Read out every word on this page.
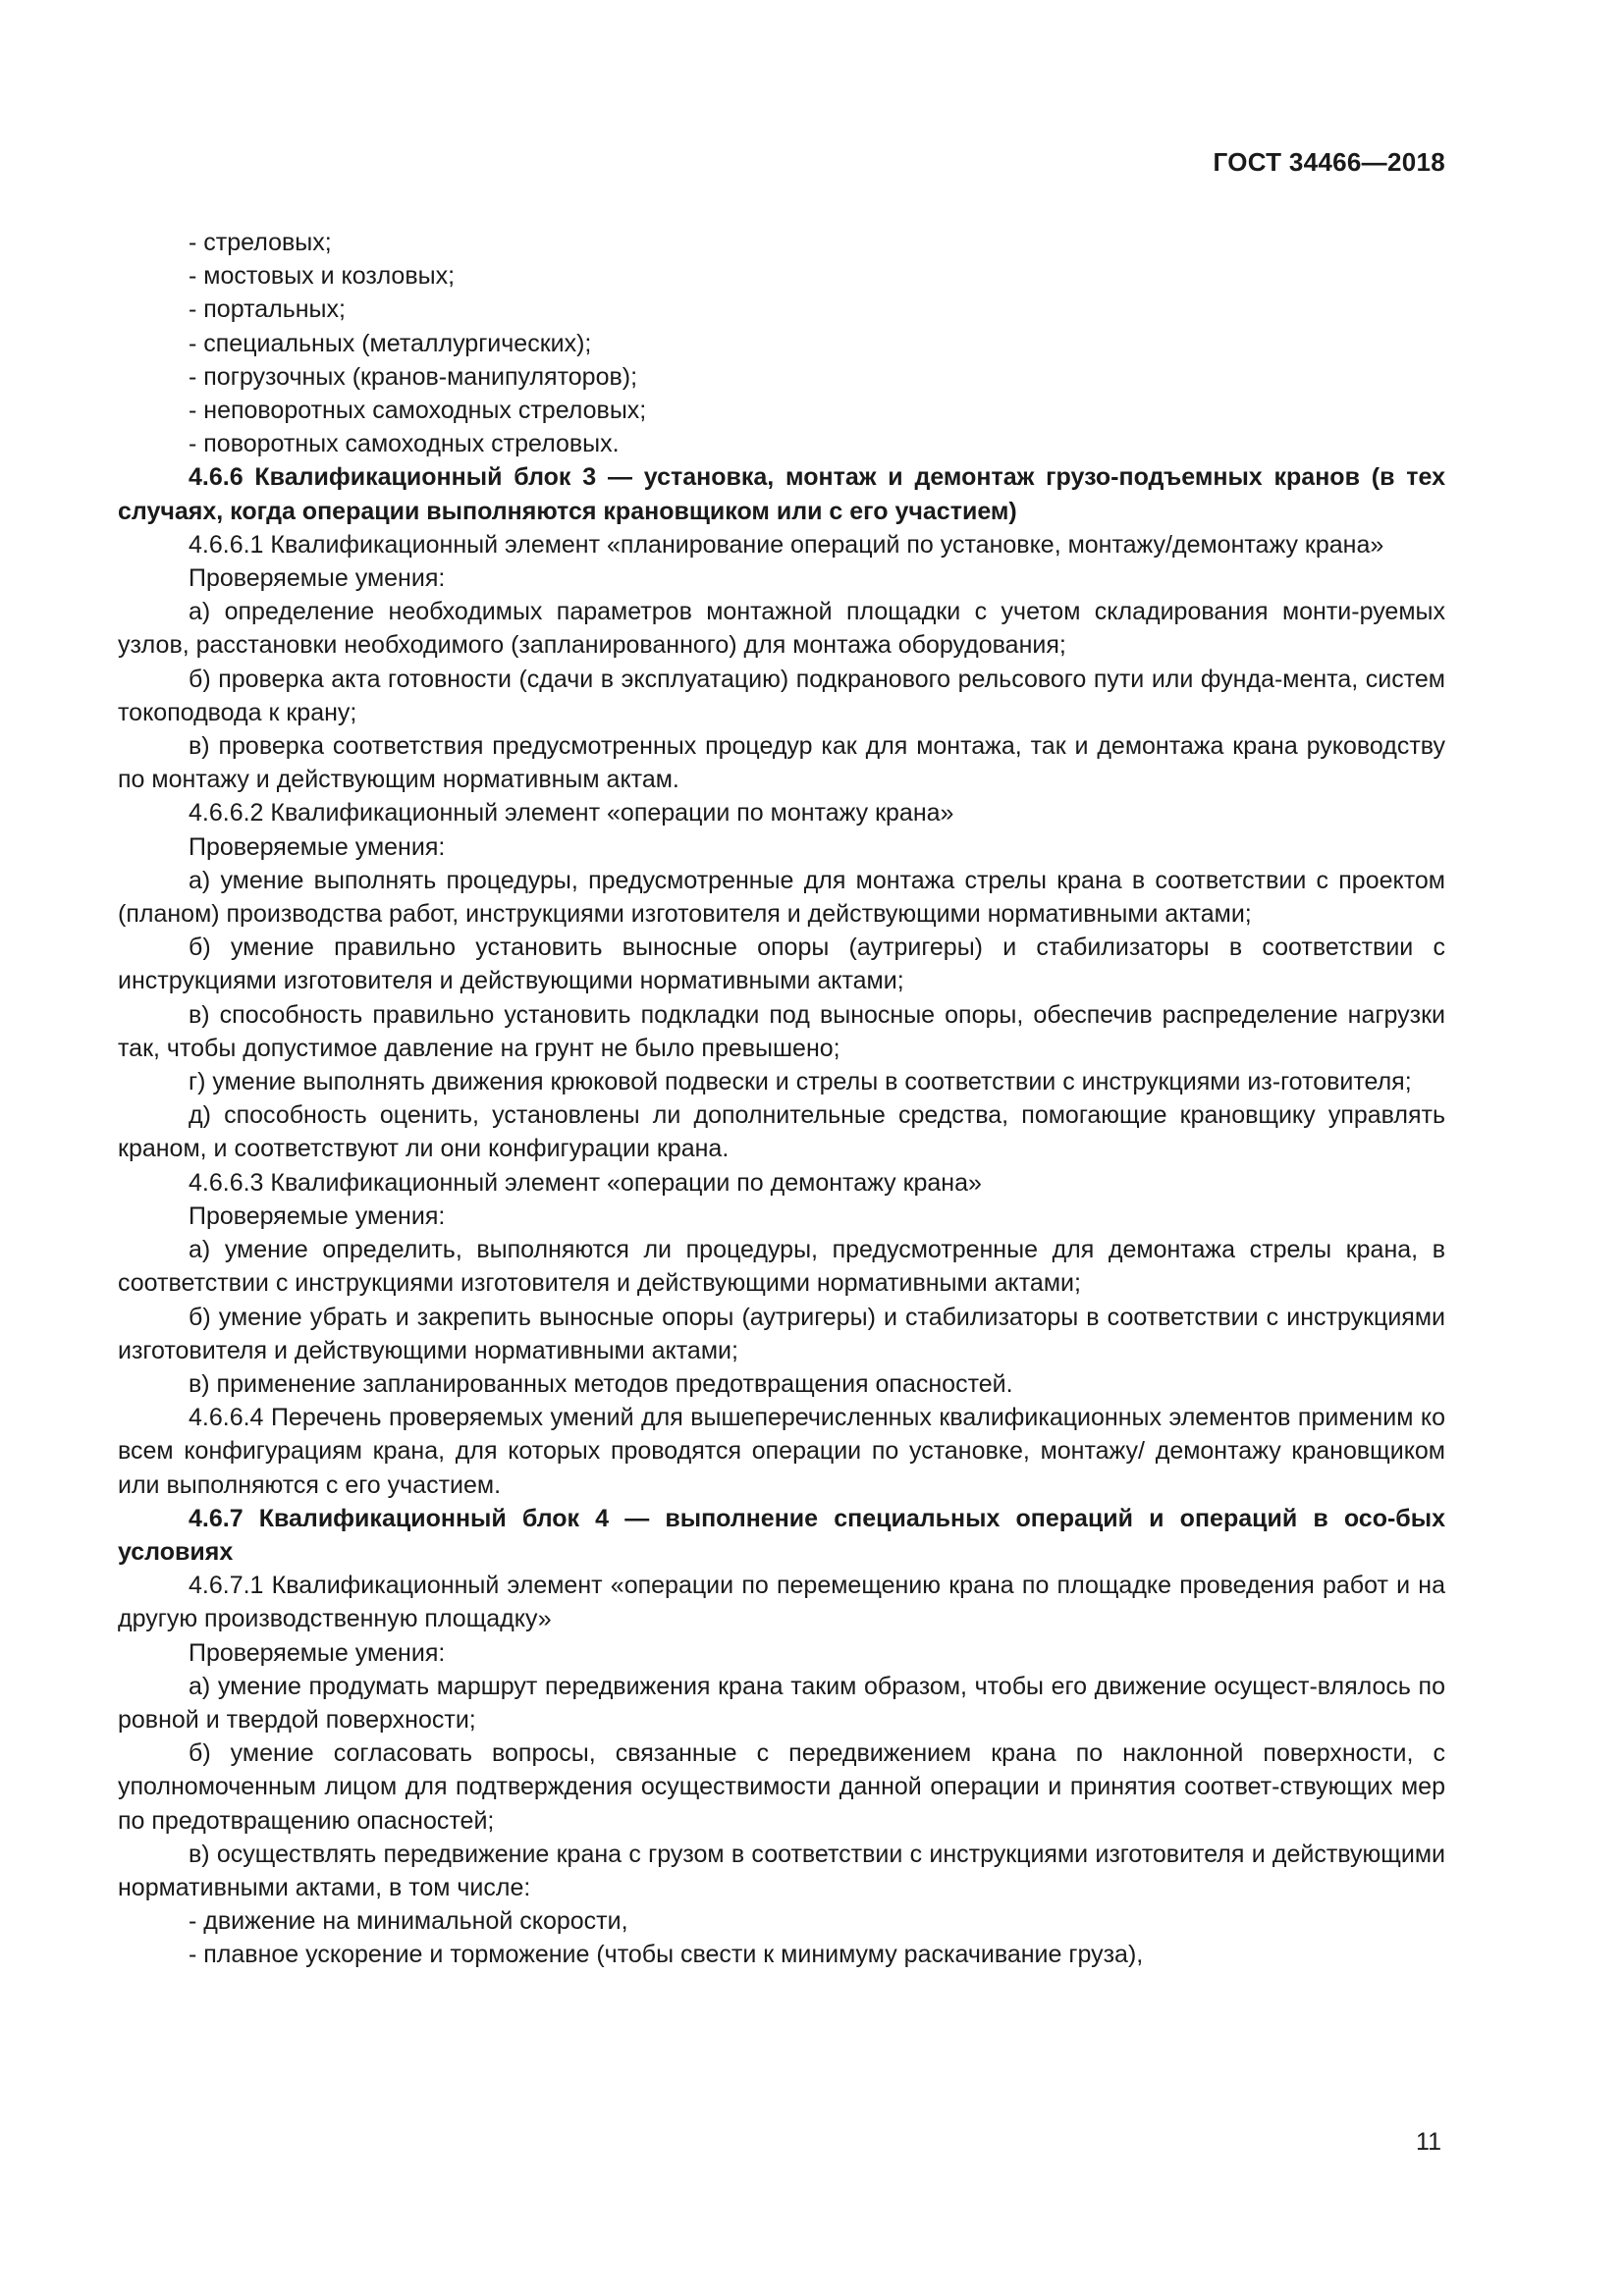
ГОСТ 34466—2018

- стреловых;

- мостовых и козловых;

- портальных;

- специальных (металлургических);

- погрузочных (кранов-манипуляторов);

- неповоротных самоходных стреловых;

- поворотных самоходных стреловых.

4.6.6 Квалификационный блок 3 — установка, монтаж и демонтаж грузо-подъемных кранов (в тех случаях, когда операции выполняются крановщиком или с его участием)

4.6.6.1 Квалификационный элемент «планирование операций по установке, монтажу/демонтажу крана»

Проверяемые умения:

а) определение необходимых параметров монтажной площадки с учетом складирования монти-руемых узлов, расстановки необходимого (запланированного) для монтажа оборудования;

б) проверка акта готовности (сдачи в эксплуатацию) подкранового рельсового пути или фунда-мента, систем токоподвода к крану;

в) проверка соответствия предусмотренных процедур как для монтажа, так и демонтажа крана руководству по монтажу и действующим нормативным актам.

4.6.6.2 Квалификационный элемент «операции по монтажу крана»

Проверяемые умения:

а) умение выполнять процедуры, предусмотренные для монтажа стрелы крана в соответствии с проектом (планом) производства работ, инструкциями изготовителя и действующими нормативными актами;

б) умение правильно установить выносные опоры (аутригеры) и стабилизаторы в соответствии с инструкциями изготовителя и действующими нормативными актами;

в) способность правильно установить подкладки под выносные опоры, обеспечив распределение нагрузки так, чтобы допустимое давление на грунт не было превышено;

г) умение выполнять движения крюковой подвески и стрелы в соответствии с инструкциями из-готовителя;

д) способность оценить, установлены ли дополнительные средства, помогающие крановщику управлять краном, и соответствуют ли они конфигурации крана.

4.6.6.3 Квалификационный элемент «операции по демонтажу крана»

Проверяемые умения:

а) умение определить, выполняются ли процедуры, предусмотренные для демонтажа стрелы крана, в соответствии с инструкциями изготовителя и действующими нормативными актами;

б) умение убрать и закрепить выносные опоры (аутригеры) и стабилизаторы в соответствии с инструкциями изготовителя и действующими нормативными актами;

в) применение запланированных методов предотвращения опасностей.

4.6.6.4 Перечень проверяемых умений для вышеперечисленных квалификационных элементов применим ко всем конфигурациям крана, для которых проводятся операции по установке, монтажу/ демонтажу крановщиком или выполняются с его участием.

4.6.7 Квалификационный блок 4 — выполнение специальных операций и операций в осо-бых условиях

4.6.7.1 Квалификационный элемент «операции по перемещению крана по площадке проведения работ и на другую производственную площадку»

Проверяемые умения:

а) умение продумать маршрут передвижения крана таким образом, чтобы его движение осущест-влялось по ровной и твердой поверхности;

б) умение согласовать вопросы, связанные с передвижением крана по наклонной поверхности, с уполномоченным лицом для подтверждения осуществимости данной операции и принятия соответ-ствующих мер по предотвращению опасностей;

в) осуществлять передвижение крана с грузом в соответствии с инструкциями изготовителя и действующими нормативными актами, в том числе:

- движение на минимальной скорости,

- плавное ускорение и торможение (чтобы свести к минимуму раскачивание груза),

11
